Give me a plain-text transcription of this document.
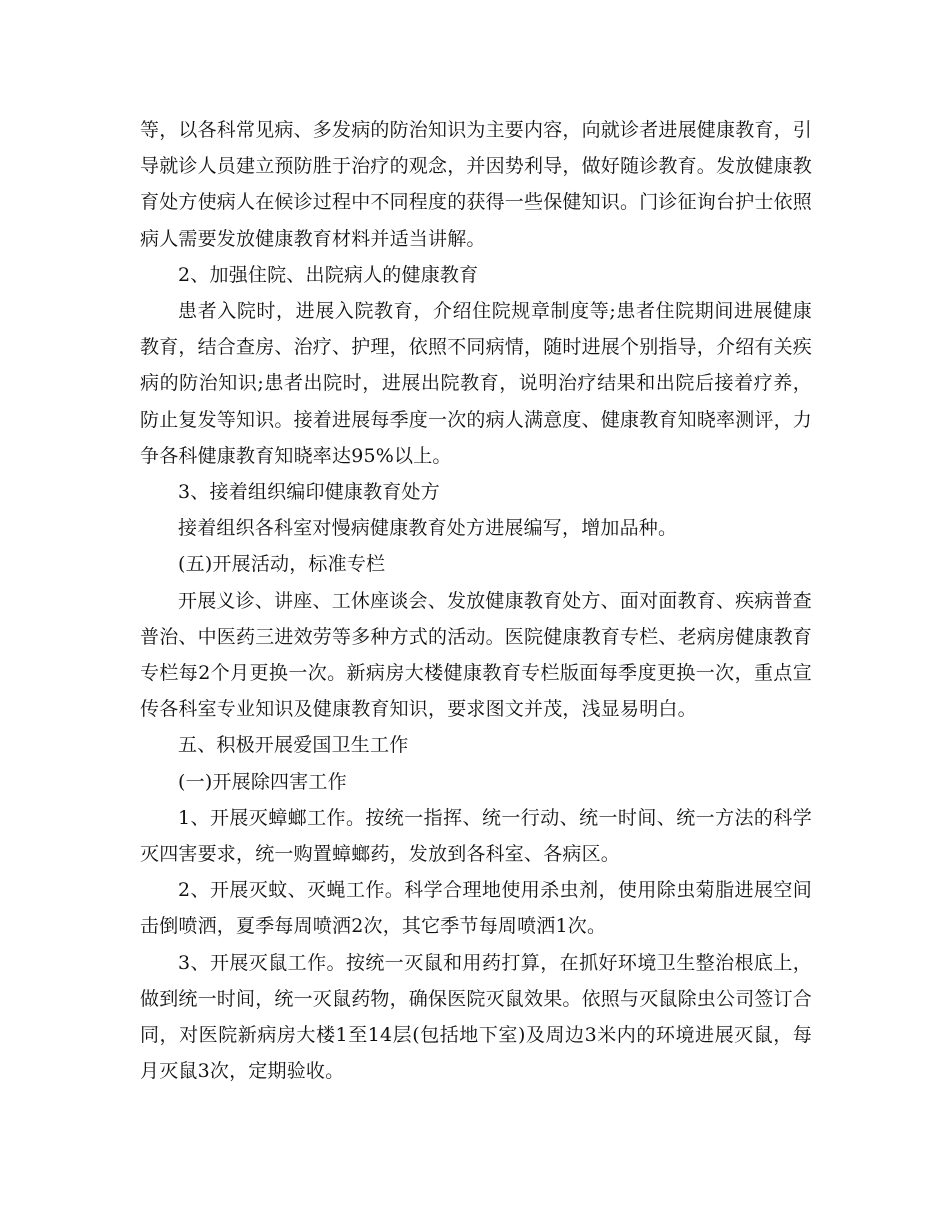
等，以各科常见病、多发病的防治知识为主要内容，向就诊者进展健康教育，引导就诊人员建立预防胜于治疗的观念，并因势利导，做好随诊教育。发放健康教育处方使病人在候诊过程中不同程度的获得一些保健知识。门诊征询台护士依照病人需要发放健康教育材料并适当讲解。

2、加强住院、出院病人的健康教育

患者入院时，进展入院教育，介绍住院规章制度等;患者住院期间进展健康教育，结合查房、治疗、护理，依照不同病情，随时进展个别指导，介绍有关疾病的防治知识;患者出院时，进展出院教育，说明治疗结果和出院后接着疗养，防止复发等知识。接着进展每季度一次的病人满意度、健康教育知晓率测评，力争各科健康教育知晓率达95%以上。

3、接着组织编印健康教育处方

接着组织各科室对慢病健康教育处方进展编写，增加品种。

(五)开展活动，标准专栏

开展义诊、讲座、工休座谈会、发放健康教育处方、面对面教育、疾病普查普治、中医药三进效劳等多种方式的活动。医院健康教育专栏、老病房健康教育专栏每2个月更换一次。新病房大楼健康教育专栏版面每季度更换一次，重点宣传各科室专业知识及健康教育知识，要求图文并茂，浅显易明白。

五、积极开展爱国卫生工作

(一)开展除四害工作

1、开展灭蟑螂工作。按统一指挥、统一行动、统一时间、统一方法的科学灭四害要求，统一购置蟑螂药，发放到各科室、各病区。

2、开展灭蚊、灭蝇工作。科学合理地使用杀虫剂，使用除虫菊脂进展空间击倒喷洒，夏季每周喷洒2次，其它季节每周喷洒1次。

3、开展灭鼠工作。按统一灭鼠和用药打算，在抓好环境卫生整治根底上，做到统一时间，统一灭鼠药物，确保医院灭鼠效果。依照与灭鼠除虫公司签订合同，对医院新病房大楼1至14层(包括地下室)及周边3米内的环境进展灭鼠，每月灭鼠3次，定期验收。
